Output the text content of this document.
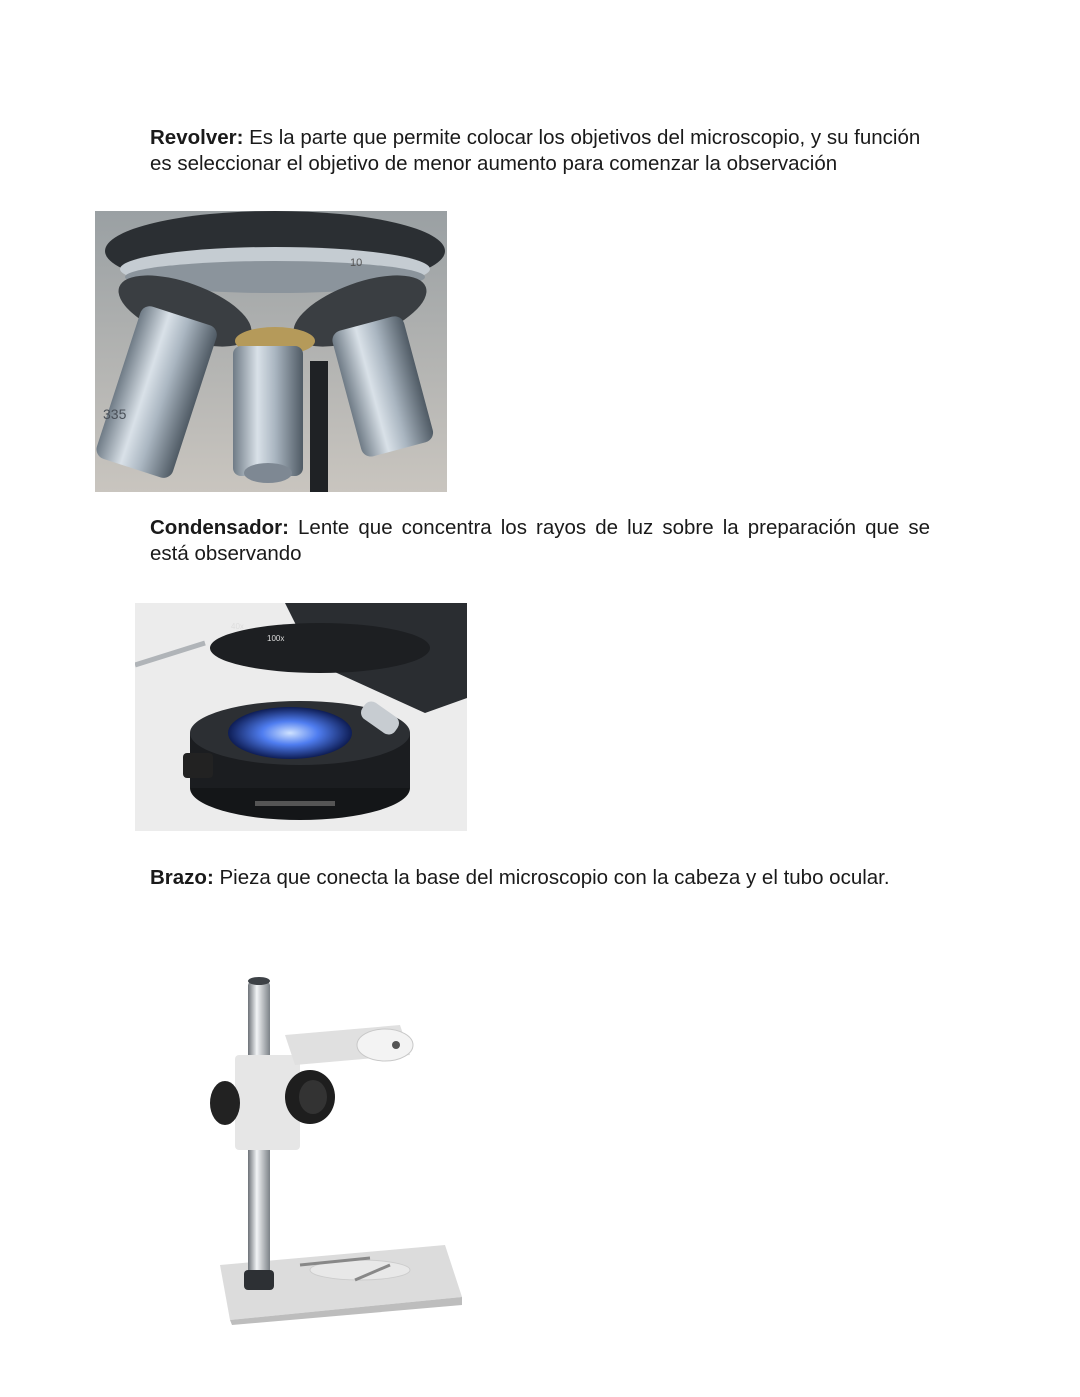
Revolver: Es la parte que permite colocar los objetivos del microscopio, y su función es seleccionar el objetivo de menor aumento para comenzar la observación

10
335

Condensador: Lente que concentra los rayos de luz sobre la preparación que se está observando

40x
100x

Brazo: Pieza que conecta la base del microscopio con la cabeza y el tubo ocular.
